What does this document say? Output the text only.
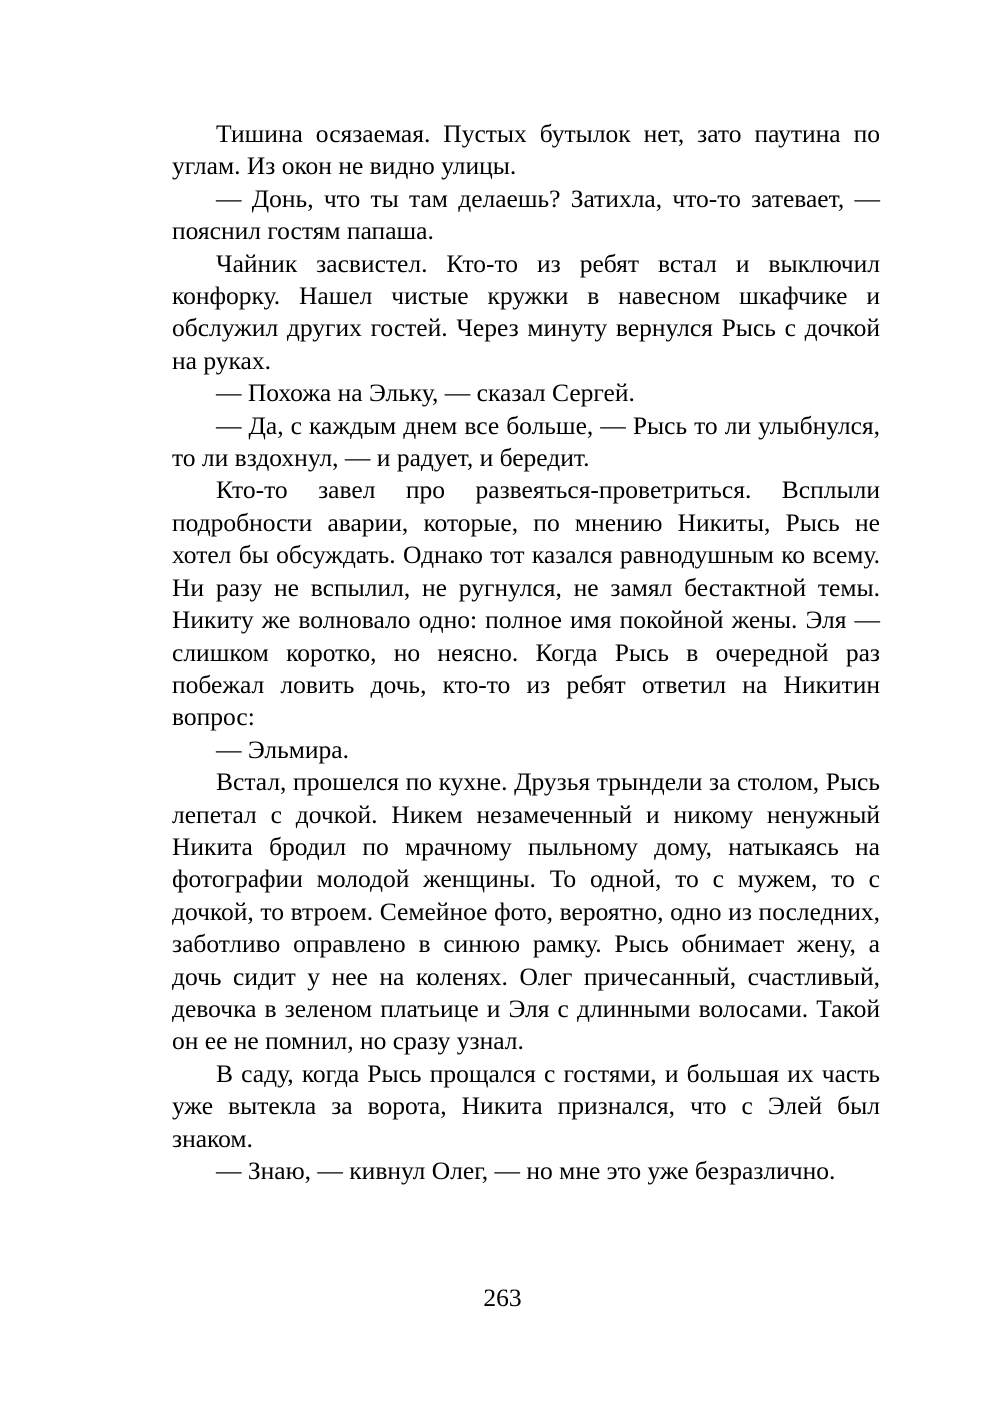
Тишина осязаемая. Пустых бутылок нет, зато паутина по углам. Из окон не видно улицы.

— Донь, что ты там делаешь? Затихла, что-то затевает, — пояснил гостям папаша.

Чайник засвистел. Кто-то из ребят встал и выключил конфорку. Нашел чистые кружки в навесном шкафчике и обслужил других гостей. Через минуту вернулся Рысь с дочкой на руках.

— Похожа на Эльку, — сказал Сергей.

— Да, с каждым днем все больше, — Рысь то ли улыбнулся, то ли вздохнул, — и радует, и бередит.

Кто-то завел про развеяться-проветриться. Всплыли подробности аварии, которые, по мнению Никиты, Рысь не хотел бы обсуждать. Однако тот казался равнодушным ко всему. Ни разу не вспылил, не ругнулся, не замял бестактной темы. Никиту же волновало одно: полное имя покойной жены. Эля — слишком коротко, но неясно. Когда Рысь в очередной раз побежал ловить дочь, кто-то из ребят ответил на Никитин вопрос:

— Эльмира.

Встал, прошелся по кухне. Друзья трындели за столом, Рысь лепетал с дочкой. Никем незамеченный и никому ненужный Никита бродил по мрачному пыльному дому, натыкаясь на фотографии молодой женщины. То одной, то с мужем, то с дочкой, то втроем. Семейное фото, вероятно, одно из последних, заботливо оправлено в синюю рамку. Рысь обнимает жену, а дочь сидит у нее на коленях. Олег причесанный, счастливый, девочка в зеленом платьице и Эля с длинными волосами. Такой он ее не помнил, но сразу узнал.

В саду, когда Рысь прощался с гостями, и большая их часть уже вытекла за ворота, Никита признался, что с Элей был знаком.

— Знаю, — кивнул Олег, — но мне это уже безразлично.

263
